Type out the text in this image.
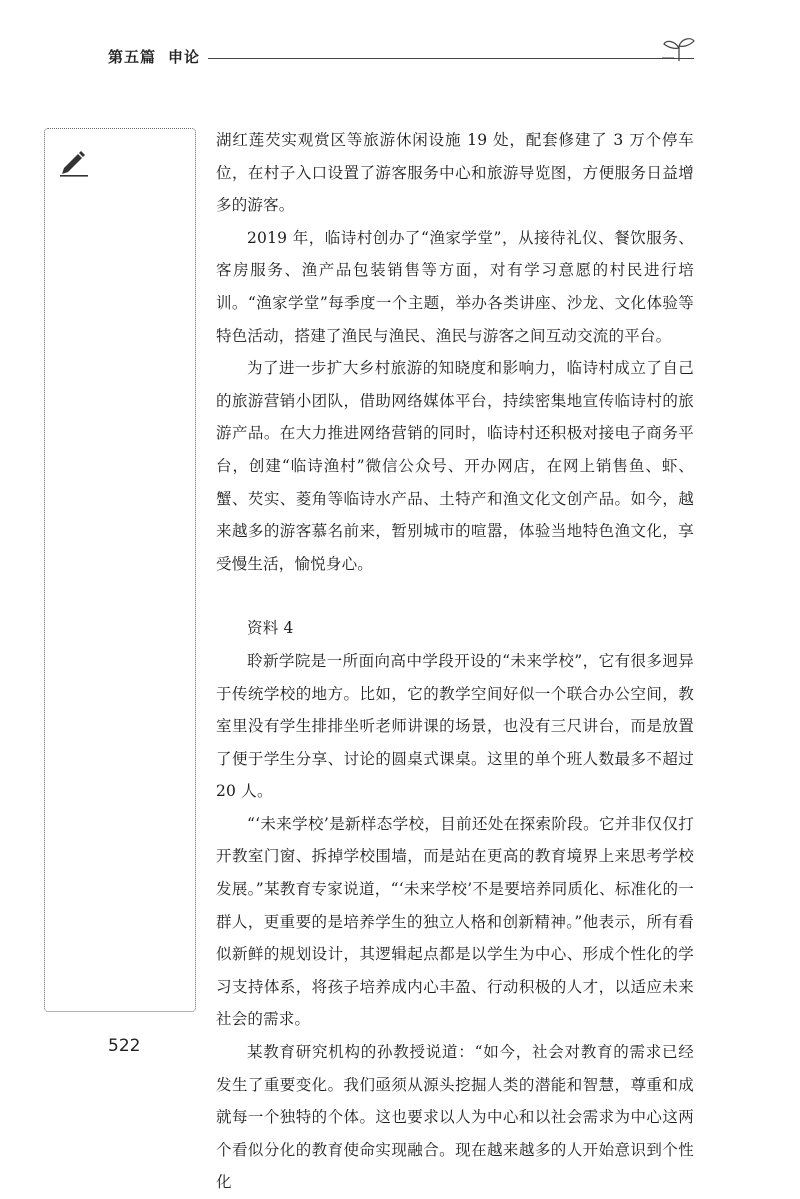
第五篇 申论

湖红莲芡实观赏区等旅游休闲设施 19 处，配套修建了 3 万个停车位，在村子入口设置了游客服务中心和旅游导览图，方便服务日益增多的游客。

2019 年，临诗村创办了“渔家学堂”，从接待礼仪、餐饮服务、客房服务、渔产品包装销售等方面，对有学习意愿的村民进行培训。“渔家学堂”每季度一个主题，举办各类讲座、沙龙、文化体验等特色活动，搭建了渔民与渔民、渔民与游客之间互动交流的平台。

为了进一步扩大乡村旅游的知晓度和影响力，临诗村成立了自己的旅游营销小团队，借助网络媒体平台，持续密集地宣传临诗村的旅游产品。在大力推进网络营销的同时，临诗村还积极对接电子商务平台，创建“临诗渔村”微信公众号、开办网店，在网上销售鱼、虾、蟹、芡实、菱角等临诗水产品、土特产和渔文化文创产品。如今，越来越多的游客慕名前来，暂别城市的喧嚣，体验当地特色渔文化，享受慢生活，愉悦身心。

资料 4

聆新学院是一所面向高中学段开设的“未来学校”，它有很多迥异于传统学校的地方。比如，它的教学空间好似一个联合办公空间，教室里没有学生排排坐听老师讲课的场景，也没有三尺讲台，而是放置了便于学生分享、讨论的圆桌式课桌。这里的单个班人数最多不超过 20 人。

“‘未来学校’是新样态学校，目前还处在探索阶段。它并非仅仅打开教室门窗、拆掉学校围墙，而是站在更高的教育境界上来思考学校发展。”某教育专家说道，“‘未来学校’不是要培养同质化、标准化的一群人，更重要的是培养学生的独立人格和创新精神。”他表示，所有看似新鲜的规划设计，其逻辑起点都是以学生为中心、形成个性化的学习支持体系，将孩子培养成内心丰盈、行动积极的人才，以适应未来社会的需求。

某教育研究机构的孙教授说道：“如今，社会对教育的需求已经发生了重要变化。我们亟须从源头挖掘人类的潜能和智慧，尊重和成就每一个独特的个体。这也要求以人为中心和以社会需求为中心这两个看似分化的教育使命实现融合。现在越来越多的人开始意识到个性化

522
